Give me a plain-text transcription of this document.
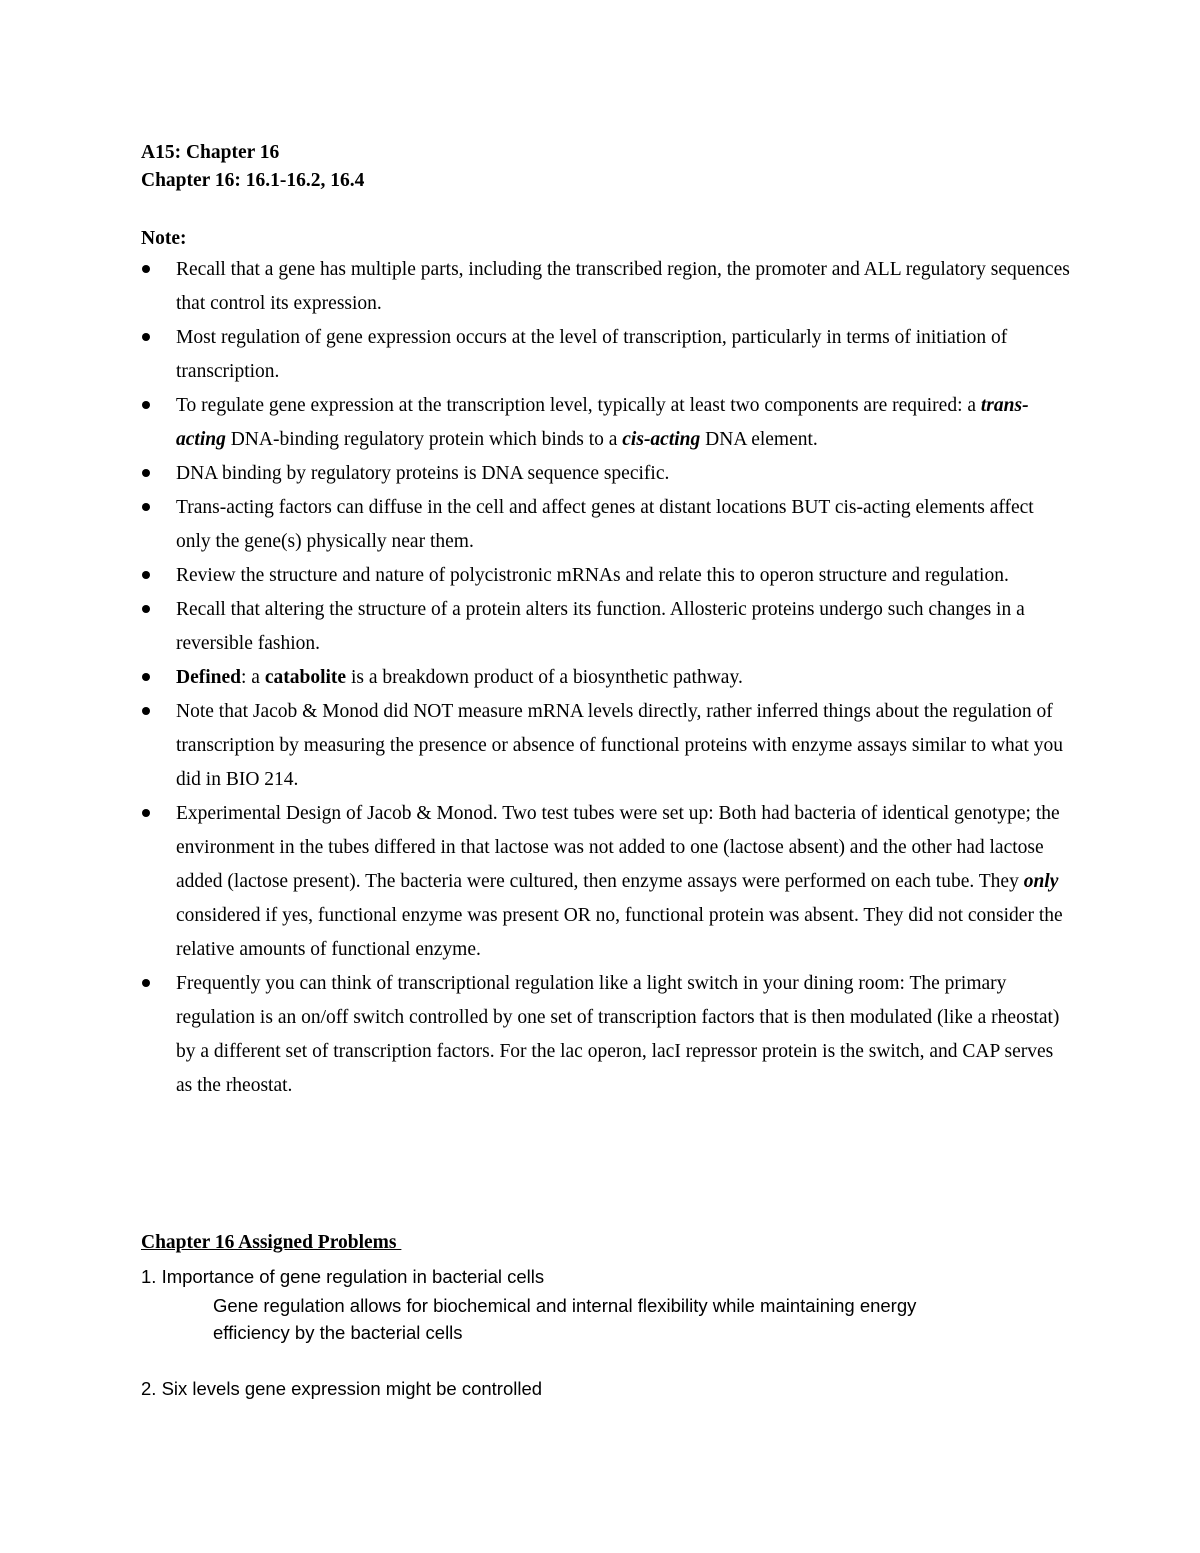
A15: Chapter 16
Chapter 16: 16.1-16.2, 16.4
Note:
Recall that a gene has multiple parts, including the transcribed region, the promoter and ALL regulatory sequences that control its expression.
Most regulation of gene expression occurs at the level of transcription, particularly in terms of initiation of transcription.
To regulate gene expression at the transcription level, typically at least two components are required: a trans-acting DNA-binding regulatory protein which binds to a cis-acting DNA element.
DNA binding by regulatory proteins is DNA sequence specific.
Trans-acting factors can diffuse in the cell and affect genes at distant locations BUT cis-acting elements affect only the gene(s) physically near them.
Review the structure and nature of polycistronic mRNAs and relate this to operon structure and regulation.
Recall that altering the structure of a protein alters its function. Allosteric proteins undergo such changes in a reversible fashion.
Defined: a catabolite is a breakdown product of a biosynthetic pathway.
Note that Jacob & Monod did NOT measure mRNA levels directly, rather inferred things about the regulation of transcription by measuring the presence or absence of functional proteins with enzyme assays similar to what you did in BIO 214.
Experimental Design of Jacob & Monod. Two test tubes were set up: Both had bacteria of identical genotype; the environment in the tubes differed in that lactose was not added to one (lactose absent) and the other had lactose added (lactose present). The bacteria were cultured, then enzyme assays were performed on each tube. They only considered if yes, functional enzyme was present OR no, functional protein was absent. They did not consider the relative amounts of functional enzyme.
Frequently you can think of transcriptional regulation like a light switch in your dining room: The primary regulation is an on/off switch controlled by one set of transcription factors that is then modulated (like a rheostat) by a different set of transcription factors. For the lac operon, lacI repressor protein is the switch, and CAP serves as the rheostat.
Chapter 16 Assigned Problems
1. Importance of gene regulation in bacterial cells
Gene regulation allows for biochemical and internal flexibility while maintaining energy
efficiency by the bacterial cells
2. Six levels gene expression might be controlled
